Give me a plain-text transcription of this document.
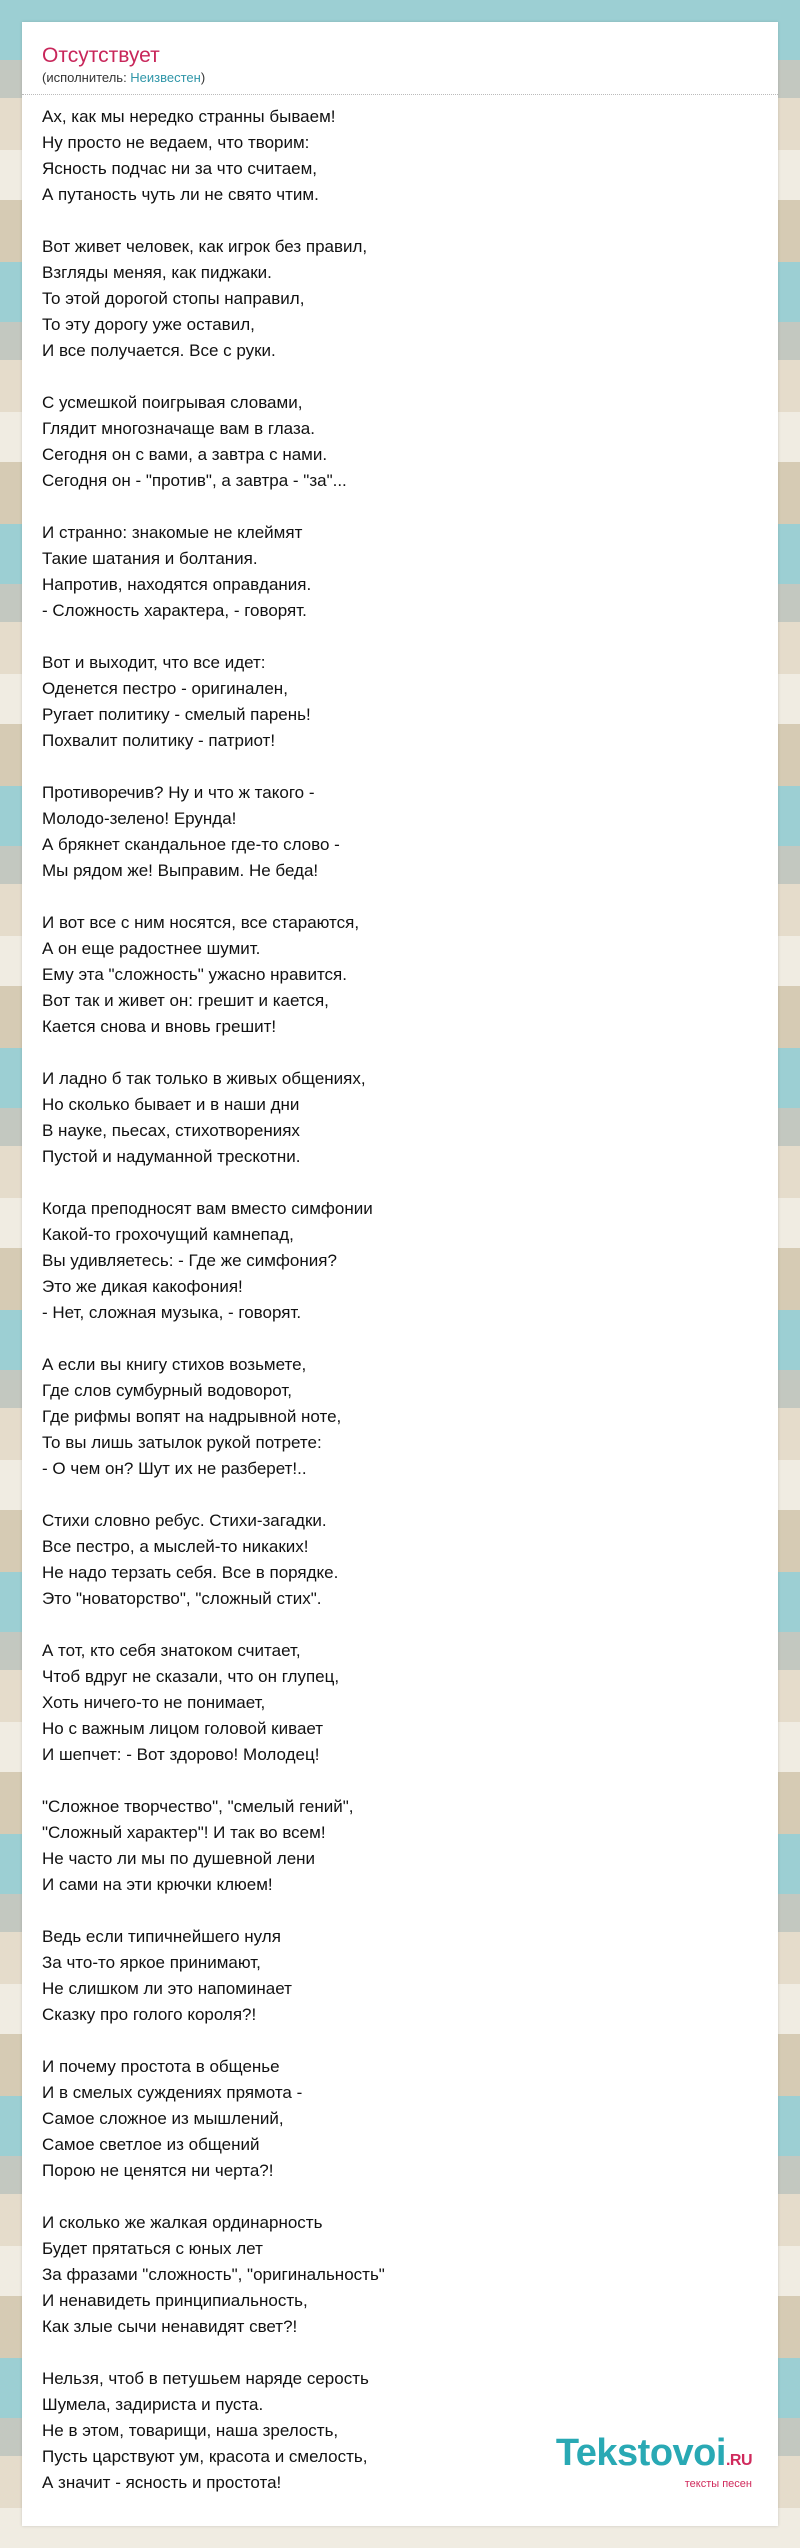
Отсутствует
(исполнитель: Неизвестен)
Ах, как мы нередко странны бываем!
Ну просто не ведаем, что творим:
Ясность подчас ни за что считаем,
А путаность чуть ли не свято чтим.
Вот живет человек, как игрок без правил,
Взгляды меняя, как пиджаки.
То этой дорогой стопы направил,
То эту дорогу уже оставил,
И все получается. Все с руки.
С усмешкой поигрывая словами,
Глядит многозначаще вам в глаза.
Сегодня он с вами, а завтра с нами.
Сегодня он - "против", а завтра - "за"...
И странно: знакомые не клеймят
Такие шатания и болтания.
Напротив, находятся оправдания.
- Сложность характера, - говорят.
Вот и выходит, что все идет:
Оденется пестро - оригинален,
Ругает политику - смелый парень!
Похвалит политику - патриот!
Противоречив? Ну и что ж такого -
Молодо-зелено! Ерунда!
А брякнет скандальное где-то слово -
Мы рядом же! Выправим. Не беда!
И вот все с ним носятся, все стараются,
А он еще радостнее шумит.
Ему эта "сложность" ужасно нравится.
Вот так и живет он: грешит и кается,
Кается снова и вновь грешит!
И ладно б так только в живых общениях,
Но сколько бывает и в наши дни
В науке, пьесах, стихотворениях
Пустой и надуманной трескотни.
Когда преподносят вам вместо симфонии
Какой-то грохочущий камнепад,
Вы удивляетесь: - Где же симфония?
Это же дикая какофония!
- Нет, сложная музыка, - говорят.
А если вы книгу стихов возьмете,
Где слов сумбурный водоворот,
Где рифмы вопят на надрывной ноте,
То вы лишь затылок рукой потрете:
- О чем он? Шут их не разберет!..
Стихи словно ребус. Стихи-загадки.
Все пестро, а мыслей-то никаких!
Не надо терзать себя. Все в порядке.
Это "новаторство", "сложный стих".
А тот, кто себя знатоком считает,
Чтоб вдруг не сказали, что он глупец,
Хоть ничего-то не понимает,
Но с важным лицом головой кивает
И шепчет: - Вот здорово! Молодец!
"Сложное творчество", "смелый гений",
"Сложный характер"! И так во всем!
Не часто ли мы по душевной лени
И сами на эти крючки клюем!
Ведь если типичнейшего нуля
За что-то яркое принимают,
Не слишком ли это напоминает
Сказку про голого короля?!
И почему простота в общенье
И в смелых суждениях прямота -
Самое сложное из мышлений,
Самое светлое из общений
Порою не ценятся ни черта?!
И сколько же жалкая ординарность
Будет прятаться с юных лет
За фразами "сложность", "оригинальность"
И ненавидеть принципиальность,
Как злые сычи ненавидят свет?!
Нельзя, чтоб в петушьем наряде серость
Шумела, задириста и пуста.
Не в этом, товарищи, наша зрелость,
Пусть царствуют ум, красота и смелость,
А значит - ясность и простота!
Tekstovoi.RU
тексты песен
